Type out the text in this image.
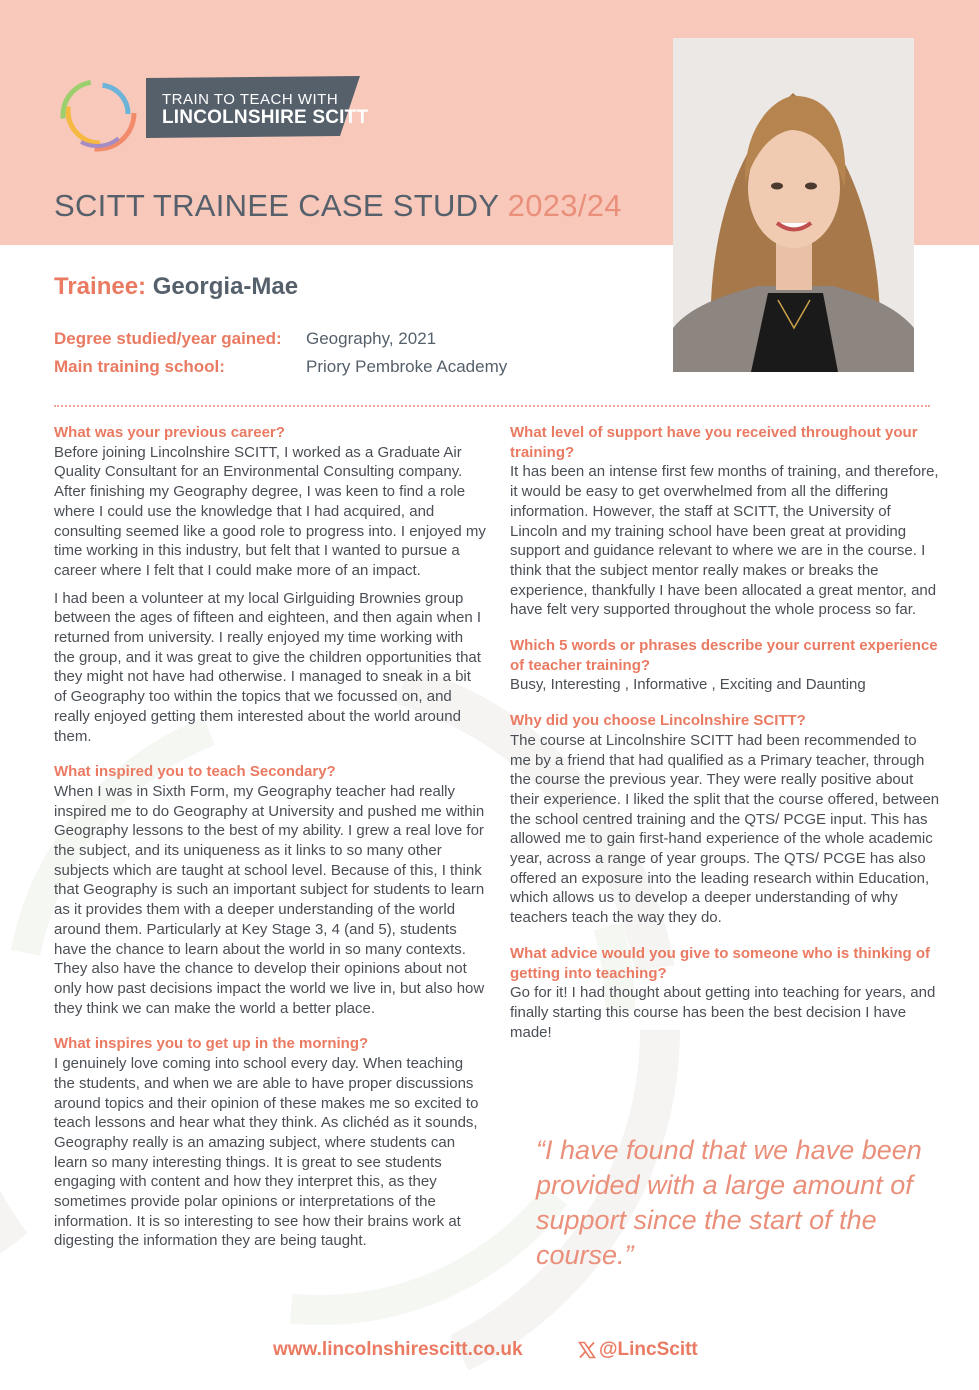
TRAIN TO TEACH WITH
LINCOLNSHIRE SCITT
SCITT TRAINEE CASE STUDY 2023/24
Trainee: Georgia-Mae
Degree studied/year gained: Geography, 2021
Main training school:	Priory Pembroke Academy

What was your previous career?

Before joining Lincolnshire SCITT, I worked as a Graduate Air Quality Consultant for an Environmental Consulting company. After finishing my Geography degree, I was keen to find a role where I could use the knowledge that I had acquired, and consulting seemed like a good role to progress into. I enjoyed my time working in this industry, but felt that I wanted to pursue a career where I felt that I could make more of an impact.

I had been a volunteer at my local Girlguiding Brownies group between the ages of fifteen and eighteen, and then again when I returned from university. I really enjoyed my time working with the group, and it was great to give the children opportunities that they might not have had otherwise. I managed to sneak in a bit of Geography too within the topics that we focussed on, and really enjoyed getting them interested about the world around them.

What inspired you to teach Secondary?

When I was in Sixth Form, my Geography teacher had really inspired me to do Geography at University and pushed me within Geography lessons to the best of my ability. I grew a real love for the subject, and its uniqueness as it links to so many other subjects which are taught at school level. Because of this, I think that Geography is such an important subject for students to learn as it provides them with a deeper understanding of the world around them. Particularly at Key Stage 3, 4 (and 5), students have the chance to learn about the world in so many contexts. They also have the chance to develop their opinions about not only how past decisions impact the world we live in, but also how they think we can make the world a better place.

What inspires you to get up in the morning?

I genuinely love coming into school every day. When teaching the students, and when we are able to have proper discussions around topics and their opinion of these makes me so excited to teach lessons and hear what they think. As clichéd as it sounds, Geography really is an amazing subject, where students can learn so many interesting things. It is great to see students engaging with content and how they interpret this, as they sometimes provide polar opinions or interpretations of the information. It is so interesting to see how their brains work at digesting the information they are being taught.

What level of support have you received throughout your training?

It has been an intense first few months of training, and therefore, it would be easy to get overwhelmed from all the differing information. However, the staff at SCITT, the University of Lincoln and my training school have been great at providing support and guidance relevant to where we are in the course. I think that the subject mentor really makes or breaks the experience, thankfully I have been allocated a great mentor, and have felt very supported throughout the whole process so far.

Which 5 words or phrases describe your current experience of teacher training?

Busy, Interesting , Informative , Exciting and Daunting

Why did you choose Lincolnshire SCITT?

The course at Lincolnshire SCITT had been recommended to me by a friend that had qualified as a Primary teacher, through the course the previous year. They were really positive about their experience. I liked the split that the course offered, between the school centred training and the QTS/ PCGE input. This has allowed me to gain first-hand experience of the whole academic year, across a range of year groups. The QTS/ PCGE has also offered an exposure into the leading research within Education, which allows us to develop a deeper understanding of why teachers teach the way they do.

What advice would you give to someone who is thinking of getting into teaching?

Go for it! I had thought about getting into teaching for years, and finally starting this course has been the best decision I have made!

“I have found that we have been provided with a large amount of support since the start of the course.”
www.lincolnshirescitt.co.uk	@LincScitt
